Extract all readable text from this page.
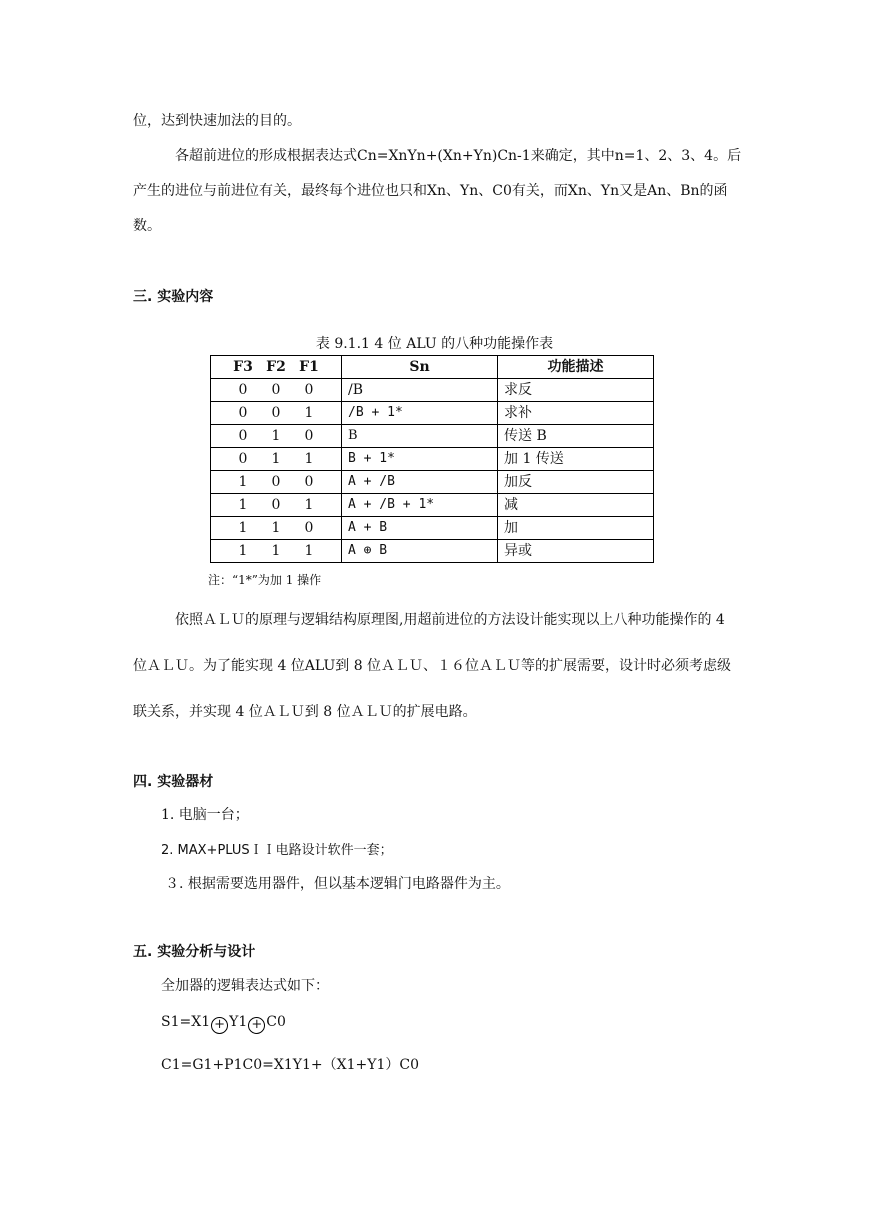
位，达到快速加法的目的。

各超前进位的形成根据表达式Cn=XnYn+(Xn+Yn)Cn-1来确定，其中n=1、2、3、4。后产生的进位与前进位有关，最终每个进位也只和Xn、Yn、C0有关，而Xn、Yn又是An、Bn的函数。

三. 实验内容

表 9.1.1 4 位 ALU 的八种功能操作表
F3 F2 F1	Sn	功能描述
0 0 0	/B	求反
0 0 1	/B + 1*	求补
0 1 0	B	传送 B
0 1 1	B + 1*	加 1 传送
1 0 0	A + /B	加反
1 0 1	A + /B + 1*	减
1 1 0	A + B	加
1 1 1	A ⊕ B	异或
注：“1*”为加 1 操作

依照ＡＬＵ的原理与逻辑结构原理图,用超前进位的方法设计能实现以上八种功能操作的 4 位ＡＬＵ。为了能实现 4 位ALU到 8 位ＡＬＵ、１６位ＡＬＵ等的扩展需要，设计时必须考虑级联关系，并实现 4 位ＡＬＵ到 8 位ＡＬＵ的扩展电路。

四. 实验器材

1. 电脑一台；
2. MAX+PLUSＩＩ电路设计软件一套；
３. 根据需要选用器件，但以基本逻辑门电路器件为主。

五. 实验分析与设计

全加器的逻辑表达式如下：
S1=X1 + Y1 + C0
C1=G1+P1C0=X1Y1+（X1+Y1）C0
